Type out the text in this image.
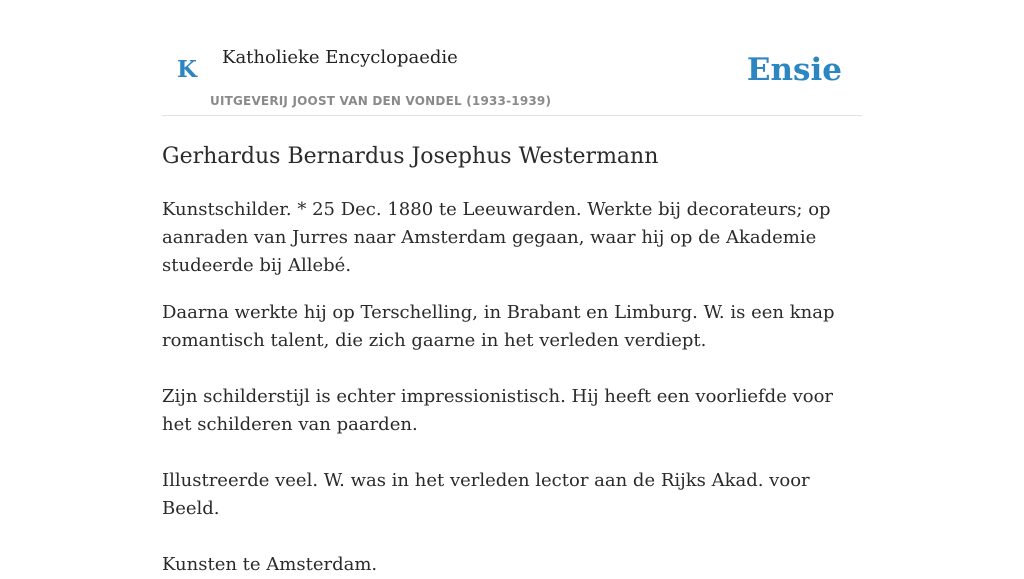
K Katholieke Encyclopaedie
UITGEVERIJ JOOST VAN DEN VONDEL (1933-1939)
Ensie
Gerhardus Bernardus Josephus Westermann

Kunstschilder. * 25 Dec. 1880 te Leeuwarden. Werkte bij decorateurs; op aanraden van Jurres naar Amsterdam gegaan, waar hij op de Akademie studeerde bij Allebé.

Daarna werkte hij op Terschelling, in Brabant en Limburg. W. is een knap romantisch talent, die zich gaarne in het verleden verdiept.

Zijn schilderstijl is echter impressionistisch. Hij heeft een voorliefde voor het schilderen van paarden.

Illustreerde veel. W. was in het verleden lector aan de Rijks Akad. voor Beeld.

Kunsten te Amsterdam.
